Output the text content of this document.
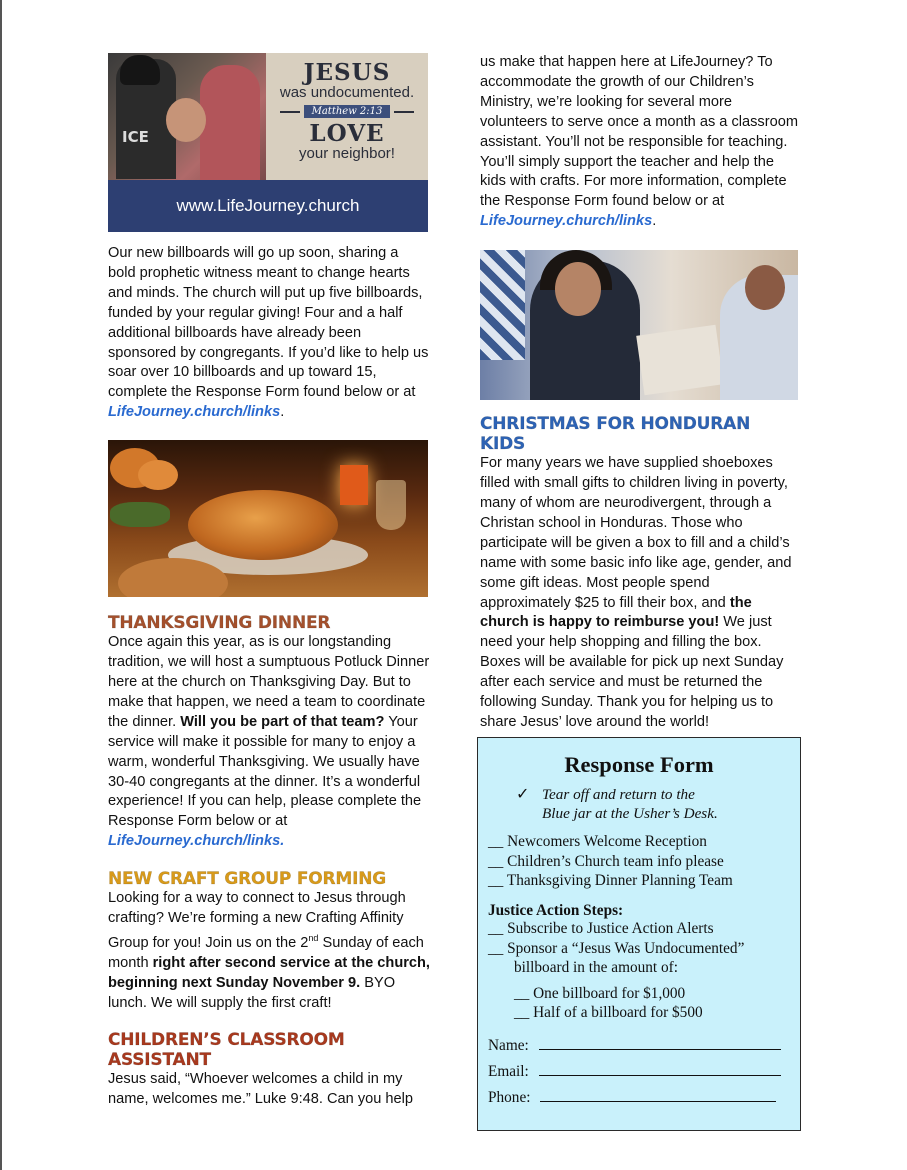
ICE
JESUS
was undocumented.
Matthew 2:13
LOVE
your neighbor!
www.LifeJourney.church

Our new billboards will go up soon, sharing a bold prophetic witness meant to change hearts and minds. The church will put up five billboards, funded by your regular giving! Four and a half additional billboards have already been sponsored by congregants. If you’d like to help us soar over 10 billboards and up toward 15, complete the Response Form found below or at LifeJourney.church/links.

THANKSGIVING DINNER

Once again this year, as is our longstanding tradition, we will host a sumptuous Potluck Dinner here at the church on Thanksgiving Day. But to make that happen, we need a team to coordinate the dinner. Will you be part of that team? Your service will make it possible for many to enjoy a warm, wonderful Thanksgiving. We usually have 30-40 congregants at the dinner. It’s a wonderful experience! If you can help, please complete the Response Form below or at LifeJourney.church/links.

NEW CRAFT GROUP FORMING

Looking for a way to connect to Jesus through crafting? We’re forming a new Crafting Affinity Group for you! Join us on the 2nd Sunday of each month right after second service at the church, beginning next Sunday November 9. BYO lunch. We will supply the first craft!

CHILDREN’S CLASSROOM ASSISTANT

Jesus said, “Whoever welcomes a child in my name, welcomes me.” Luke 9:48. Can you help

us make that happen here at LifeJourney? To accommodate the growth of our Children’s Ministry, we’re looking for several more volunteers to serve once a month as a classroom assistant. You’ll not be responsible for teaching. You’ll simply support the teacher and help the kids with crafts. For more information, complete the Response Form found below or at LifeJourney.church/links.

CHRISTMAS FOR HONDURAN KIDS

For many years we have supplied shoeboxes filled with small gifts to children living in poverty, many of whom are neurodivergent, through a Christan school in Honduras. Those who participate will be given a box to fill and a child’s name with some basic info like age, gender, and some gift ideas. Most people spend approximately $25 to fill their box, and the church is happy to reimburse you! We just need your help shopping and filling the box. Boxes will be available for pick up next Sunday after each service and must be returned the following Sunday. Thank you for helping us to share Jesus’ love around the world!

Response Form
✓ Tear off and return to the
Blue jar at the Usher’s Desk.
__ Newcomers Welcome Reception
__ Children’s Church team info please
__ Thanksgiving Dinner Planning Team
Justice Action Steps:
__ Subscribe to Justice Action Alerts
__ Sponsor a “Jesus Was Undocumented”
billboard in the amount of:
__ One billboard for $1,000
__ Half of a billboard for $500
Name:
Email:
Phone:
